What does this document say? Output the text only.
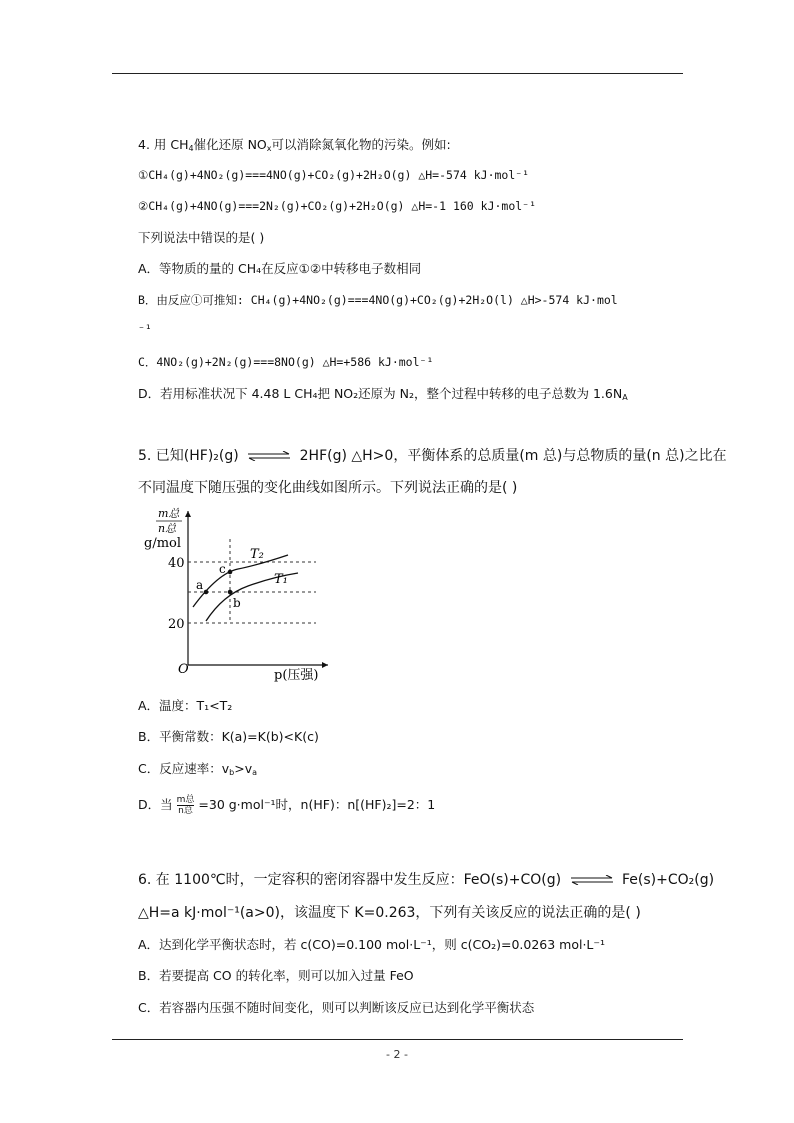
4. 用 $CH_4$催化还原 $NO_x$可以消除氮氧化物的污染。例如:
①CH₄(g)+4NO₂(g)===4NO(g)+CO₂(g)+2H₂O(g) △H=-574 kJ·mol⁻¹
②CH₄(g)+4NO(g)===2N₂(g)+CO₂(g)+2H₂O(g) △H=-1 160 kJ·mol⁻¹
下列说法中错误的是( )
A．等物质的量的 CH₄在反应①②中转移电子数相同
B．由反应①可推知: CH₄(g)+4NO₂(g)===4NO(g)+CO₂(g)+2H₂O(l) △H>-574 kJ·mol
⁻¹
C．4NO₂(g)+2N₂(g)===8NO(g) △H=+586 kJ·mol⁻¹
D．若用标准状况下 4.48 L CH₄把 NO₂还原为 N₂，整个过程中转移的电子总数为 $1.6N_A$
5. 已知(HF)₂(g) ⇌ 2HF(g) △H>0，平衡体系的总质量(m 总)与总物质的量(n 总)之比在
不同温度下随压强的变化曲线如图所示。下列说法正确的是( )
a
b
c
T₂
T₁
40
20
O
m总
n总
g/mol
p(压强)
A．温度：T₁<T₂
B．平衡常数：K(a)=K(b)<K(c)
C．反应速率：$v_b>v_a$
D．当 $\frac{\text{m总}}{\text{n总}} =30$ g·mol⁻¹时，n(HF)：n[(HF)₂]=2：1
6. 在 1100℃时，一定容积的密闭容器中发生反应：FeO(s)+CO(g) ⇌ Fe(s)+CO₂(g)
△H=a kJ·mol⁻¹(a>0)，该温度下 K=0.263，下列有关该反应的说法正确的是( )
A．达到化学平衡状态时，若 c(CO)=0.100 mol·L⁻¹，则 c(CO₂)=0.0263 mol·L⁻¹
B．若要提高 CO 的转化率，则可以加入过量 FeO
C．若容器内压强不随时间变化，则可以判断该反应已达到化学平衡状态
- 2 -
